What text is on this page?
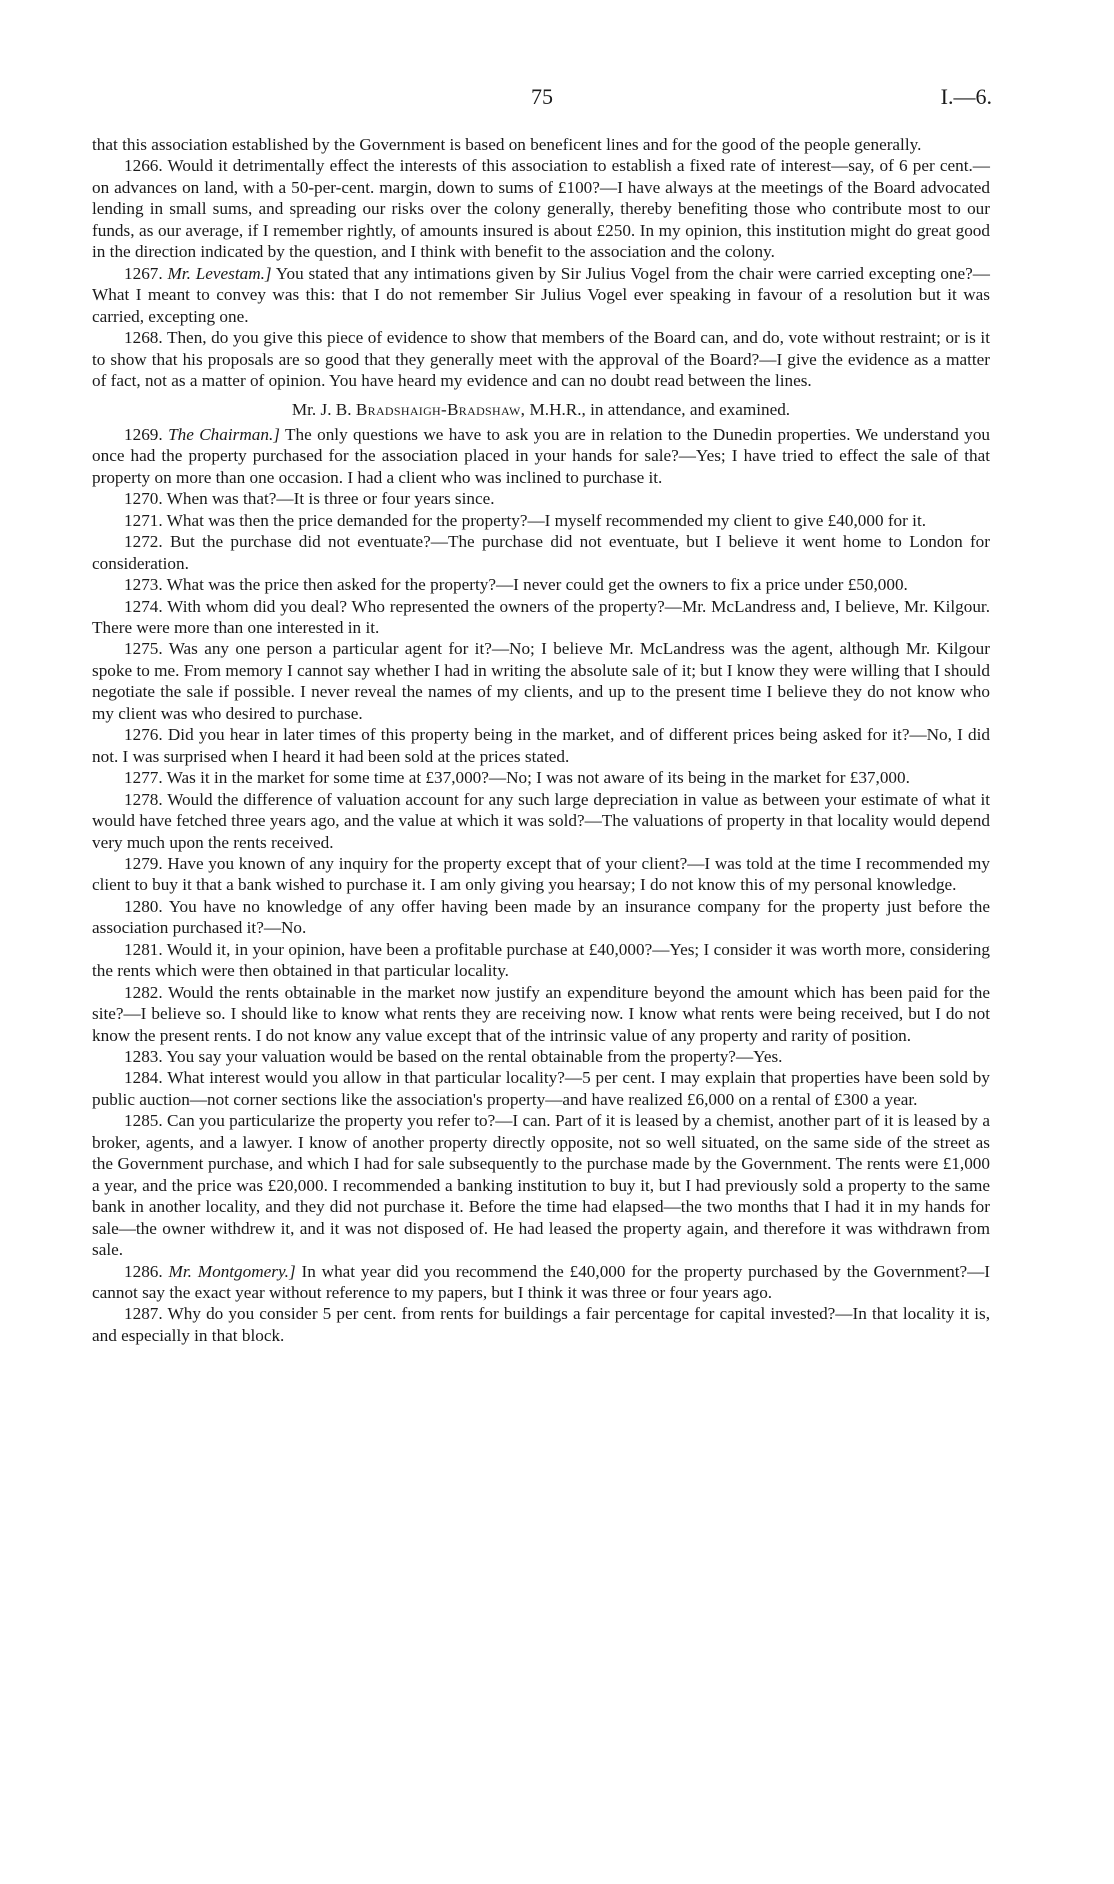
75	I.—6.

that this association established by the Government is based on beneficent lines and for the good of the people generally.

1266. Would it detrimentally effect the interests of this association to establish a fixed rate of interest—say, of 6 per cent.—on advances on land, with a 50-per-cent. margin, down to sums of £100?—I have always at the meetings of the Board advocated lending in small sums, and spreading our risks over the colony generally, thereby benefiting those who contribute most to our funds, as our average, if I remember rightly, of amounts insured is about £250. In my opinion, this institution might do great good in the direction indicated by the question, and I think with benefit to the association and the colony.

1267. Mr. Levestam.] You stated that any intimations given by Sir Julius Vogel from the chair were carried excepting one?—What I meant to convey was this: that I do not remember Sir Julius Vogel ever speaking in favour of a resolution but it was carried, excepting one.

1268. Then, do you give this piece of evidence to show that members of the Board can, and do, vote without restraint; or is it to show that his proposals are so good that they generally meet with the approval of the Board?—I give the evidence as a matter of fact, not as a matter of opinion. You have heard my evidence and can no doubt read between the lines.

Mr. J. B. Bradshaigh-Bradshaw, M.H.R., in attendance, and examined.

1269. The Chairman.] The only questions we have to ask you are in relation to the Dunedin properties. We understand you once had the property purchased for the association placed in your hands for sale?—Yes; I have tried to effect the sale of that property on more than one occasion. I had a client who was inclined to purchase it.

1270. When was that?—It is three or four years since.

1271. What was then the price demanded for the property?—I myself recommended my client to give £40,000 for it.

1272. But the purchase did not eventuate?—The purchase did not eventuate, but I believe it went home to London for consideration.

1273. What was the price then asked for the property?—I never could get the owners to fix a price under £50,000.

1274. With whom did you deal? Who represented the owners of the property?—Mr. McLandress and, I believe, Mr. Kilgour. There were more than one interested in it.

1275. Was any one person a particular agent for it?—No; I believe Mr. McLandress was the agent, although Mr. Kilgour spoke to me. From memory I cannot say whether I had in writing the absolute sale of it; but I know they were willing that I should negotiate the sale if possible. I never reveal the names of my clients, and up to the present time I believe they do not know who my client was who desired to purchase.

1276. Did you hear in later times of this property being in the market, and of different prices being asked for it?—No, I did not. I was surprised when I heard it had been sold at the prices stated.

1277. Was it in the market for some time at £37,000?—No; I was not aware of its being in the market for £37,000.

1278. Would the difference of valuation account for any such large depreciation in value as between your estimate of what it would have fetched three years ago, and the value at which it was sold?—The valuations of property in that locality would depend very much upon the rents received.

1279. Have you known of any inquiry for the property except that of your client?—I was told at the time I recommended my client to buy it that a bank wished to purchase it. I am only giving you hearsay; I do not know this of my personal knowledge.

1280. You have no knowledge of any offer having been made by an insurance company for the property just before the association purchased it?—No.

1281. Would it, in your opinion, have been a profitable purchase at £40,000?—Yes; I consider it was worth more, considering the rents which were then obtained in that particular locality.

1282. Would the rents obtainable in the market now justify an expenditure beyond the amount which has been paid for the site?—I believe so. I should like to know what rents they are receiving now. I know what rents were being received, but I do not know the present rents. I do not know any value except that of the intrinsic value of any property and rarity of position.

1283. You say your valuation would be based on the rental obtainable from the property?—Yes.

1284. What interest would you allow in that particular locality?—5 per cent. I may explain that properties have been sold by public auction—not corner sections like the association's property—and have realized £6,000 on a rental of £300 a year.

1285. Can you particularize the property you refer to?—I can. Part of it is leased by a chemist, another part of it is leased by a broker, agents, and a lawyer. I know of another property directly opposite, not so well situated, on the same side of the street as the Government purchase, and which I had for sale subsequently to the purchase made by the Government. The rents were £1,000 a year, and the price was £20,000. I recommended a banking institution to buy it, but I had previously sold a property to the same bank in another locality, and they did not purchase it. Before the time had elapsed—the two months that I had it in my hands for sale—the owner withdrew it, and it was not disposed of. He had leased the property again, and therefore it was withdrawn from sale.

1286. Mr. Montgomery.] In what year did you recommend the £40,000 for the property purchased by the Government?—I cannot say the exact year without reference to my papers, but I think it was three or four years ago.

1287. Why do you consider 5 per cent. from rents for buildings a fair percentage for capital invested?—In that locality it is, and especially in that block.
